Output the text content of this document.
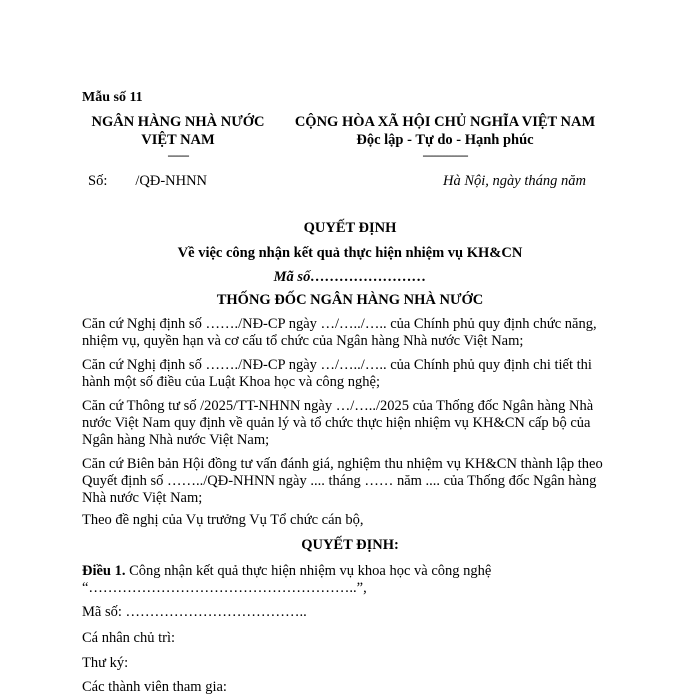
Mẫu số 11
NGÂN HÀNG NHÀ NƯỚC
VIỆT NAM
-------
CỘNG HÒA XÃ HỘI CHỦ NGHĨA VIỆT NAM
Độc lập - Tự do - Hạnh phúc
---------------
Số: /QĐ-NHNN	Hà Nội, ngày tháng năm
QUYẾT ĐỊNH
Về việc công nhận kết quả thực hiện nhiệm vụ KH&CN
Mã số……………………
THỐNG ĐỐC NGÂN HÀNG NHÀ NƯỚC
Căn cứ Nghị định số ……./NĐ-CP ngày …/…../….. của Chính phủ quy định chức năng, nhiệm vụ, quyền hạn và cơ cấu tổ chức của Ngân hàng Nhà nước Việt Nam;
Căn cứ Nghị định số ……./NĐ-CP ngày …/…../….. của Chính phủ quy định chi tiết thi hành một số điều của Luật Khoa học và công nghệ;
Căn cứ Thông tư số /2025/TT-NHNN ngày …/…../2025 của Thống đốc Ngân hàng Nhà nước Việt Nam quy định về quản lý và tổ chức thực hiện nhiệm vụ KH&CN cấp bộ của Ngân hàng Nhà nước Việt Nam;
Căn cứ Biên bản Hội đồng tư vấn đánh giá, nghiệm thu nhiệm vụ KH&CN thành lập theo Quyết định số ……../QĐ-NHNN ngày .... tháng …… năm .... của Thống đốc Ngân hàng Nhà nước Việt Nam;
Theo đề nghị của Vụ trưởng Vụ Tổ chức cán bộ,
QUYẾT ĐỊNH:
Điều 1. Công nhận kết quả thực hiện nhiệm vụ khoa học và công nghệ “………………………………………………..”,
Mã số: ………………………………..
Cá nhân chủ trì:
Thư ký:
Các thành viên tham gia:
